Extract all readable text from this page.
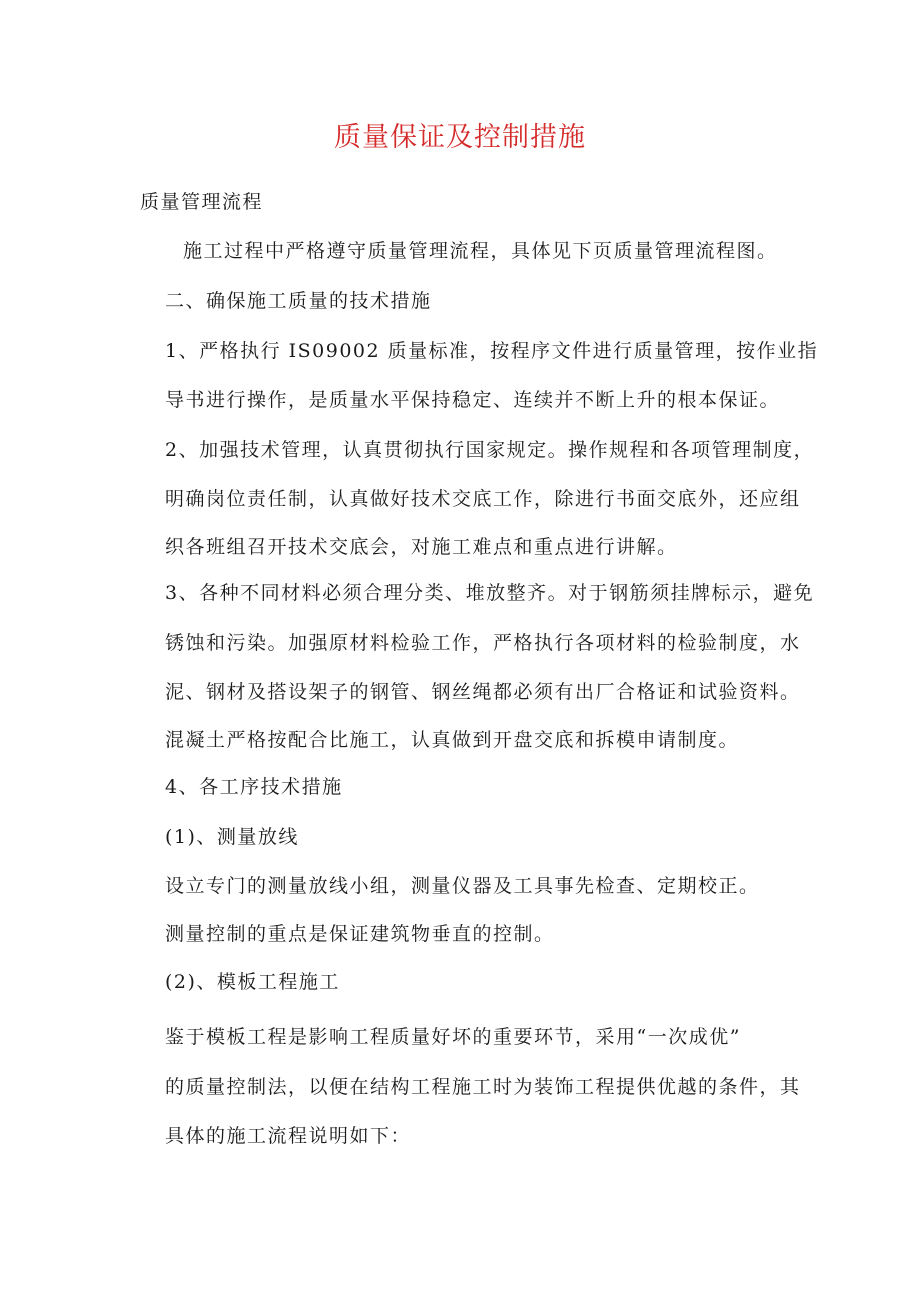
质量保证及控制措施
质量管理流程
施工过程中严格遵守质量管理流程，具体见下页质量管理流程图。
二、确保施工质量的技术措施
1、严格执行 IS09002 质量标准，按程序文件进行质量管理，按作业指
导书进行操作，是质量水平保持稳定、连续并不断上升的根本保证。
2、加强技术管理，认真贯彻执行国家规定。操作规程和各项管理制度，
明确岗位责任制，认真做好技术交底工作，除进行书面交底外，还应组
织各班组召开技术交底会，对施工难点和重点进行讲解。
3、各种不同材料必须合理分类、堆放整齐。对于钢筋须挂牌标示，避免
锈蚀和污染。加强原材料检验工作，严格执行各项材料的检验制度，水
泥、钢材及搭设架子的钢管、钢丝绳都必须有出厂合格证和试验资料。
混凝土严格按配合比施工，认真做到开盘交底和拆模申请制度。
4、各工序技术措施
(1)、测量放线
设立专门的测量放线小组，测量仪器及工具事先检查、定期校正。
测量控制的重点是保证建筑物垂直的控制。
(2)、模板工程施工
鉴于模板工程是影响工程质量好坏的重要环节，采用“一次成优”
的质量控制法，以便在结构工程施工时为装饰工程提供优越的条件，其
具体的施工流程说明如下：
